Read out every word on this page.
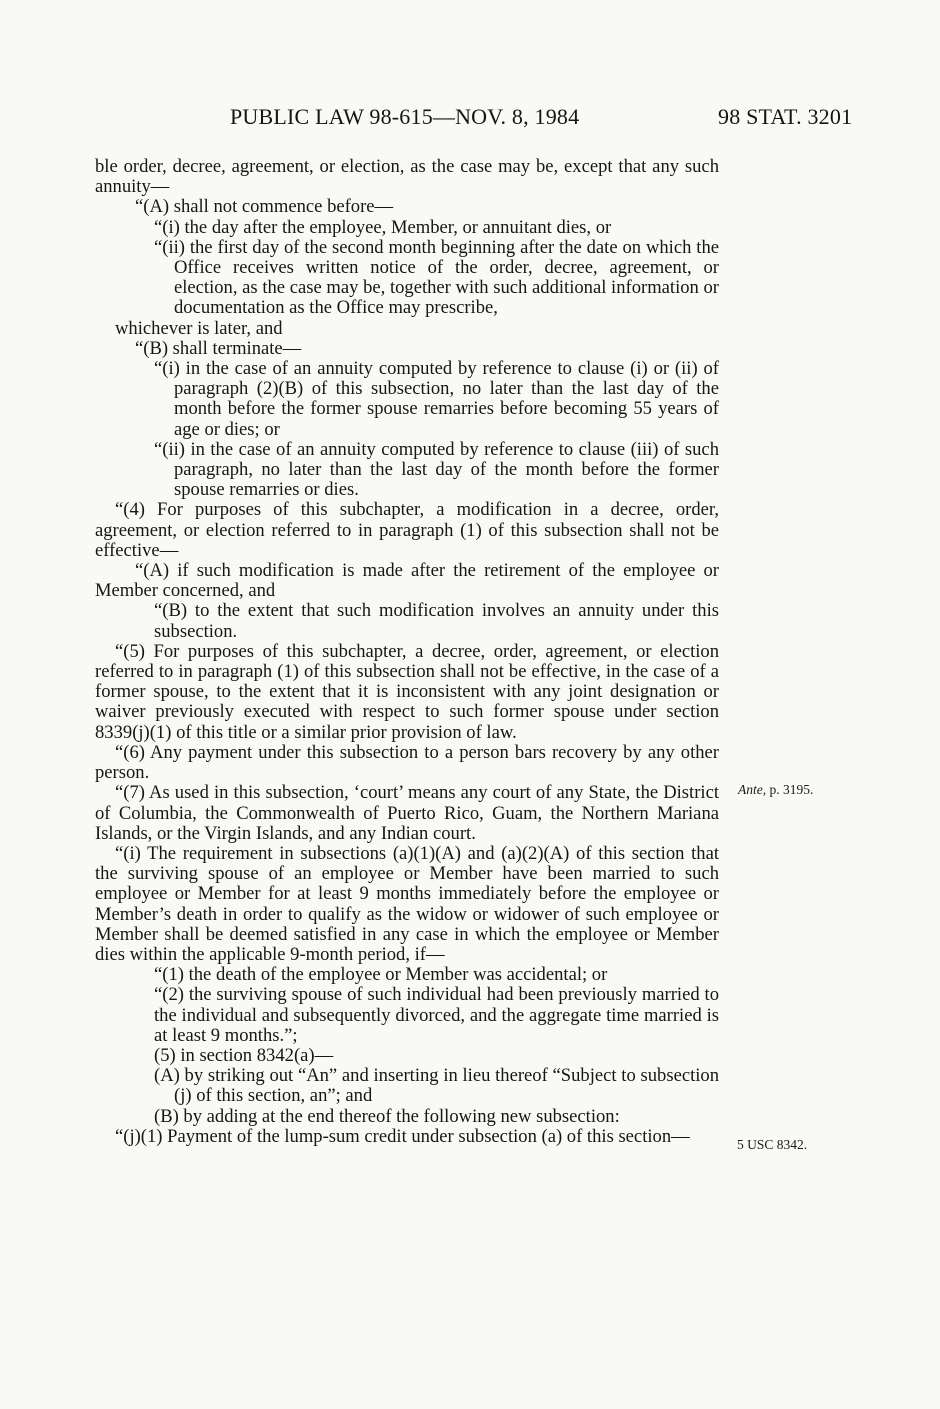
PUBLIC LAW 98-615—NOV. 8, 1984	98 STAT. 3201

ble order, decree, agreement, or election, as the case may be, except that any such annuity—

“(A) shall not commence before—

“(i) the day after the employee, Member, or annuitant dies, or

“(ii) the first day of the second month beginning after the date on which the Office receives written notice of the order, decree, agreement, or election, as the case may be, together with such additional information or documentation as the Office may prescribe,

whichever is later, and

“(B) shall terminate—

“(i) in the case of an annuity computed by reference to clause (i) or (ii) of paragraph (2)(B) of this subsection, no later than the last day of the month before the former spouse remarries before becoming 55 years of age or dies; or

“(ii) in the case of an annuity computed by reference to clause (iii) of such paragraph, no later than the last day of the month before the former spouse remarries or dies.

“(4) For purposes of this subchapter, a modification in a decree, order, agreement, or election referred to in paragraph (1) of this subsection shall not be effective—

“(A) if such modification is made after the retirement of the employee or Member concerned, and

“(B) to the extent that such modification involves an annuity under this subsection.

“(5) For purposes of this subchapter, a decree, order, agreement, or election referred to in paragraph (1) of this subsection shall not be effective, in the case of a former spouse, to the extent that it is inconsistent with any joint designation or waiver previously executed with respect to such former spouse under section 8339(j)(1) of this title or a similar prior provision of law.

“(6) Any payment under this subsection to a person bars recovery by any other person.

“(7) As used in this subsection, ‘court’ means any court of any State, the District of Columbia, the Commonwealth of Puerto Rico, Guam, the Northern Mariana Islands, or the Virgin Islands, and any Indian court.

“(i) The requirement in subsections (a)(1)(A) and (a)(2)(A) of this section that the surviving spouse of an employee or Member have been married to such employee or Member for at least 9 months immediately before the employee or Member’s death in order to qualify as the widow or widower of such employee or Member shall be deemed satisfied in any case in which the employee or Member dies within the applicable 9-month period, if—

“(1) the death of the employee or Member was accidental; or

“(2) the surviving spouse of such individual had been previously married to the individual and subsequently divorced, and the aggregate time married is at least 9 months.”;

(5) in section 8342(a)—

(A) by striking out “An” and inserting in lieu thereof “Subject to subsection (j) of this section, an”; and

(B) by adding at the end thereof the following new subsection:

“(j)(1) Payment of the lump-sum credit under subsection (a) of this section—

Ante, p. 3195.
5 USC 8342.
